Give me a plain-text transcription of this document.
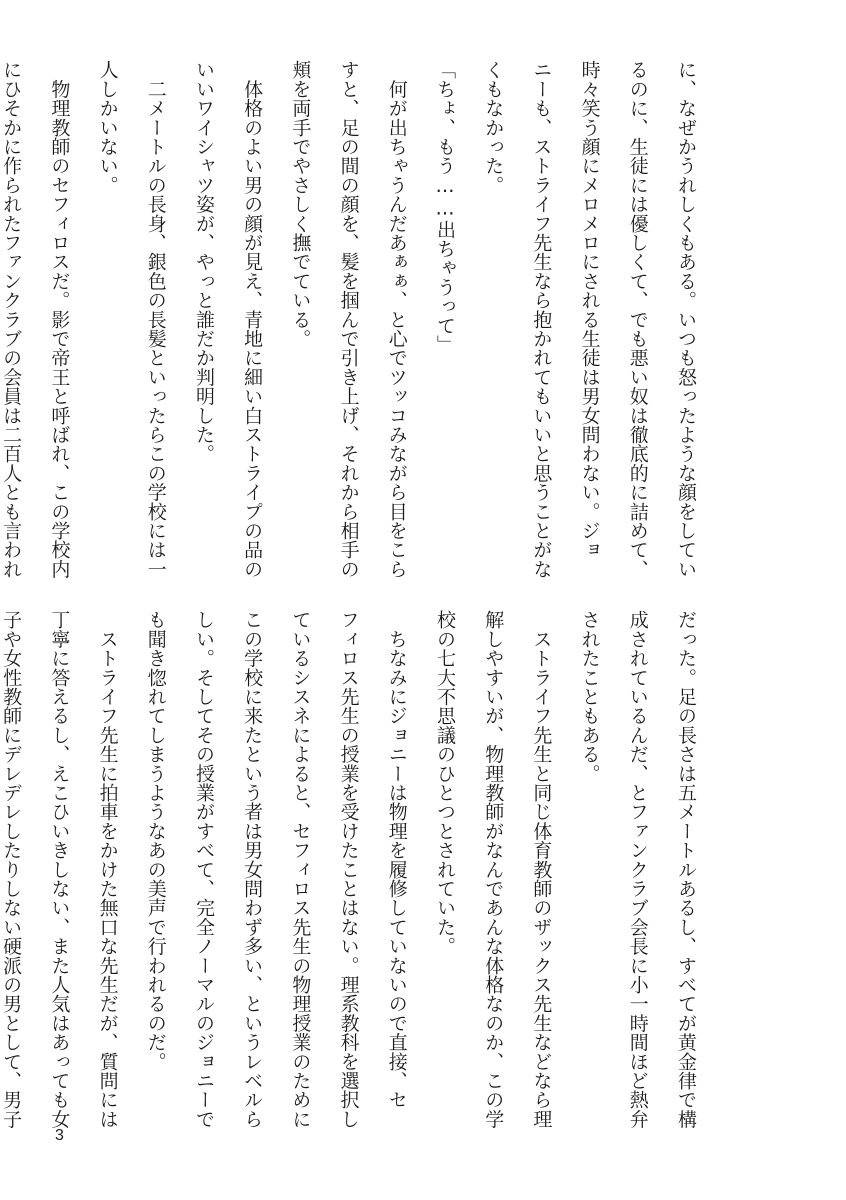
に、なぜかうれしくもある。いつも怒ったような顔をしてい
るのに、生徒には優しくて、でも悪い奴は徹底的に詰めて、
時々笑う顔にメロメロにされる生徒は男女問わない。ジョ
ニーも、ストライフ先生なら抱かれてもいいと思うことがな
くもなかった。
「ちょ、もう……出ちゃうって」
　何が出ちゃうんだあぁぁ、と心でツッコみながら目をこら
すと、足の間の顔を、髪を掴んで引き上げ、それから相手の
頬を両手でやさしく撫でている。
　体格のよい男の顔が見え、青地に細い白ストライプの品の
いいワイシャツ姿が、やっと誰だか判明した。
　二メートルの長身、銀色の長髪といったらこの学校には一
人しかいない。
　物理教師のセフィロスだ。影で帝王と呼ばれ、この学校内
にひそかに作られたファンクラブの会員は二百人とも言われ
だった。足の長さは五メートルあるし、すべてが黄金律で構
成されているんだ、とファンクラブ会長に小一時間ほど熱弁
されたこともある。
　ストライフ先生と同じ体育教師のザックス先生などなら理
解しやすいが、物理教師がなんであんな体格なのか、この学
校の七大不思議のひとつとされていた。
　ちなみにジョニーは物理を履修していないので直接、セ
フィロス先生の授業を受けたことはない。理系教科を選択し
ているシスネによると、セフィロス先生の物理授業のために
この学校に来たという者は男女問わず多い、というレベルら
しい。そしてその授業がすべて、完全ノーマルのジョニーで
も聞き惚れてしまうようなあの美声で行われるのだ。
　ストライフ先生に拍車をかけた無口な先生だが、質問には
丁寧に答えるし、えこひいきしない、また人気はあっても女
子や女性教師にデレデレしたりしない硬派の男として、男子
3
